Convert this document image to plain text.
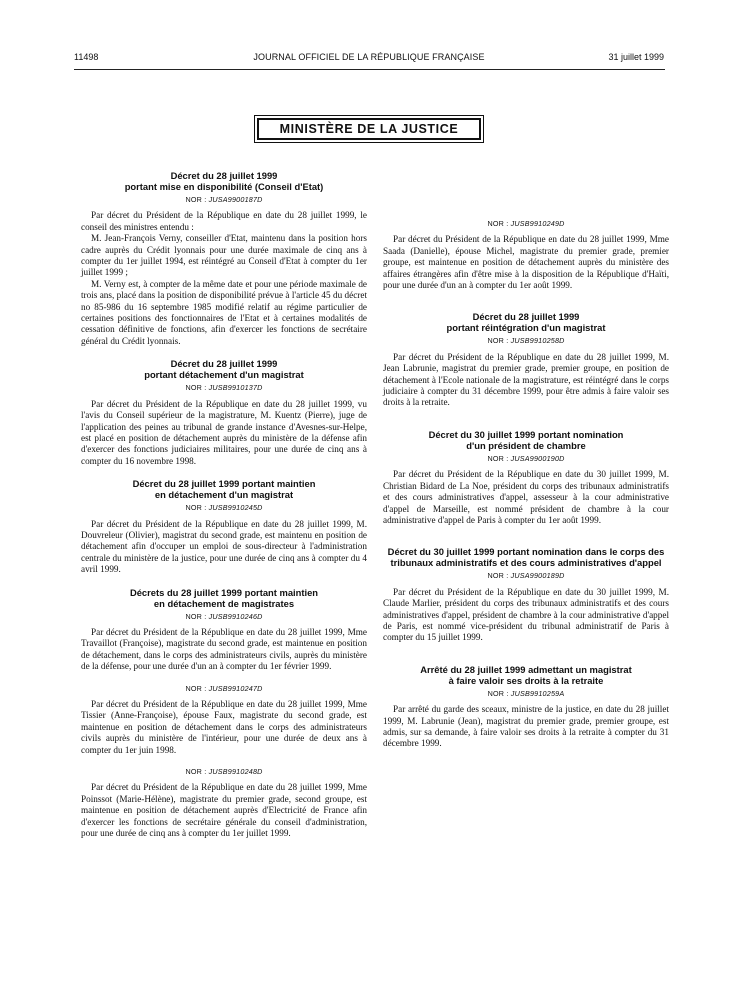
11498	JOURNAL OFFICIEL DE LA RÉPUBLIQUE FRANÇAISE	31 juillet 1999
MINISTÈRE DE LA JUSTICE
Décret du 28 juillet 1999
portant mise en disponibilité (Conseil d'Etat)
NOR : JUSA9900187D

Par décret du Président de la République en date du 28 juillet 1999, le conseil des ministres entendu :

M. Jean-François Verny, conseiller d'Etat, maintenu dans la position hors cadre auprès du Crédit lyonnais pour une durée maximale de cinq ans à compter du 1er juillet 1994, est réintégré au Conseil d'Etat à compter du 1er juillet 1999 ;

M. Verny est, à compter de la même date et pour une période maximale de trois ans, placé dans la position de disponibilité prévue à l'article 45 du décret no 85-986 du 16 septembre 1985 modifié relatif au régime particulier de certaines positions des fonctionnaires de l'Etat et à certaines modalités de cessation définitive de fonctions, afin d'exercer les fonctions de secrétaire général du Crédit lyonnais.

Décret du 28 juillet 1999
portant détachement d'un magistrat
NOR : JUSB9910137D

Par décret du Président de la République en date du 28 juillet 1999, vu l'avis du Conseil supérieur de la magistrature, M. Kuentz (Pierre), juge de l'application des peines au tribunal de grande instance d'Avesnes-sur-Helpe, est placé en position de détachement auprès du ministère de la défense afin d'exercer des fonctions judiciaires militaires, pour une durée de cinq ans à compter du 16 novembre 1998.

Décret du 28 juillet 1999 portant maintien
en détachement d'un magistrat
NOR : JUSB9910245D

Par décret du Président de la République en date du 28 juillet 1999, M. Douvreleur (Olivier), magistrat du second grade, est maintenu en position de détachement afin d'occuper un emploi de sous-directeur à l'administration centrale du ministère de la justice, pour une durée de cinq ans à compter du 4 avril 1999.

Décrets du 28 juillet 1999 portant maintien
en détachement de magistrates
NOR : JUSB9910246D

Par décret du Président de la République en date du 28 juillet 1999, Mme Travaillot (Françoise), magistrate du second grade, est maintenue en position de détachement, dans le corps des administrateurs civils, auprès du ministère de la défense, pour une durée d'un an à compter du 1er février 1999.

NOR : JUSB9910247D

Par décret du Président de la République en date du 28 juillet 1999, Mme Tissier (Anne-Françoise), épouse Faux, magistrate du second grade, est maintenue en position de détachement dans le corps des administrateurs civils auprès du ministère de l'intérieur, pour une durée de deux ans à compter du 1er juin 1998.

NOR : JUSB9910248D

Par décret du Président de la République en date du 28 juillet 1999, Mme Poinssot (Marie-Hélène), magistrate du premier grade, second groupe, est maintenue en position de détachement auprès d'Electricité de France afin d'exercer les fonctions de secrétaire générale du conseil d'administration, pour une durée de cinq ans à compter du 1er juillet 1999.

NOR : JUSB9910249D

Par décret du Président de la République en date du 28 juillet 1999, Mme Saada (Danielle), épouse Michel, magistrate du premier grade, premier groupe, est maintenue en position de détachement auprès du ministère des affaires étrangères afin d'être mise à la disposition de la République d'Haïti, pour une durée d'un an à compter du 1er août 1999.

Décret du 28 juillet 1999
portant réintégration d'un magistrat
NOR : JUSB9910258D

Par décret du Président de la République en date du 28 juillet 1999, M. Jean Labrunie, magistrat du premier grade, premier groupe, en position de détachement à l'Ecole nationale de la magistrature, est réintégré dans le corps judiciaire à compter du 31 décembre 1999, pour être admis à faire valoir ses droits à la retraite.

Décret du 30 juillet 1999 portant nomination
d'un président de chambre
NOR : JUSA9900190D

Par décret du Président de la République en date du 30 juillet 1999, M. Christian Bidard de La Noe, président du corps des tribunaux administratifs et des cours administratives d'appel, assesseur à la cour administrative d'appel de Marseille, est nommé président de chambre à la cour administrative d'appel de Paris à compter du 1er août 1999.

Décret du 30 juillet 1999 portant nomination dans le corps des tribunaux administratifs et des cours administratives d'appel
NOR : JUSA9900189D

Par décret du Président de la République en date du 30 juillet 1999, M. Claude Marlier, président du corps des tribunaux administratifs et des cours administratives d'appel, président de chambre à la cour administrative d'appel de Paris, est nommé vice-président du tribunal administratif de Paris à compter du 15 juillet 1999.

Arrêté du 28 juillet 1999 admettant un magistrat
à faire valoir ses droits à la retraite
NOR : JUSB9910259A

Par arrêté du garde des sceaux, ministre de la justice, en date du 28 juillet 1999, M. Labrunie (Jean), magistrat du premier grade, premier groupe, est admis, sur sa demande, à faire valoir ses droits à la retraite à compter du 31 décembre 1999.
